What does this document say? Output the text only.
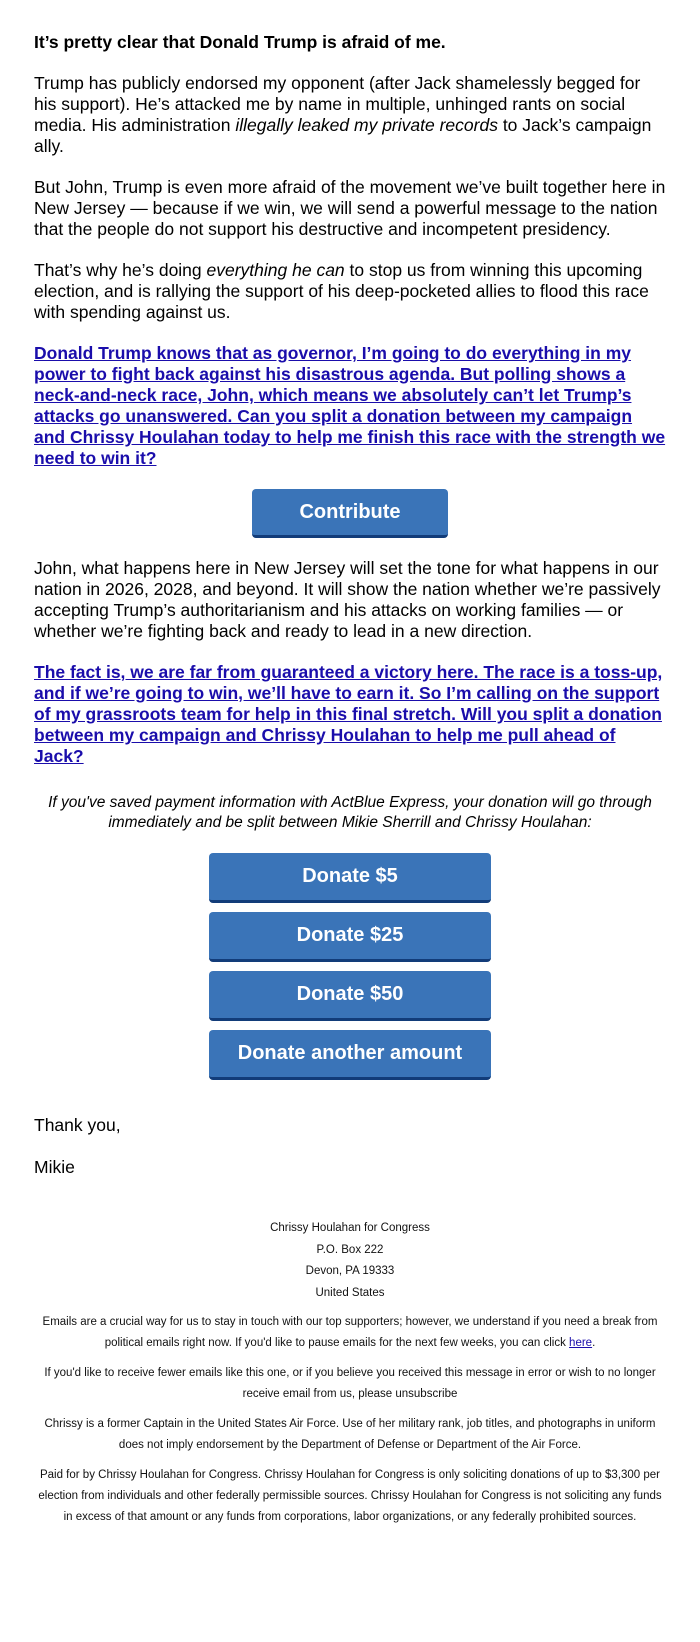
It’s pretty clear that Donald Trump is afraid of me.

Trump has publicly endorsed my opponent (after Jack shamelessly begged for his support). He’s attacked me by name in multiple, unhinged rants on social media. His administration illegally leaked my private records to Jack’s campaign ally.

But John, Trump is even more afraid of the movement we’ve built together here in New Jersey — because if we win, we will send a powerful message to the nation that the people do not support his destructive and incompetent presidency.

That’s why he’s doing everything he can to stop us from winning this upcoming election, and is rallying the support of his deep-pocketed allies to flood this race with spending against us.

Donald Trump knows that as governor, I’m going to do everything in my power to fight back against his disastrous agenda. But polling shows a neck-and-neck race, John, which means we absolutely can’t let Trump’s attacks go unanswered. Can you split a donation between my campaign and Chrissy Houlahan today to help me finish this race with the strength we need to win it?

Contribute

John, what happens here in New Jersey will set the tone for what happens in our nation in 2026, 2028, and beyond. It will show the nation whether we’re passively accepting Trump’s authoritarianism and his attacks on working families — or whether we’re fighting back and ready to lead in a new direction.

The fact is, we are far from guaranteed a victory here. The race is a toss-up, and if we’re going to win, we’ll have to earn it. So I’m calling on the support of my grassroots team for help in this final stretch. Will you split a donation between my campaign and Chrissy Houlahan to help me pull ahead of Jack?

If you've saved payment information with ActBlue Express, your donation will go through immediately and be split between Mikie Sherrill and Chrissy Houlahan:

Donate $5
Donate $25
Donate $50
Donate another amount

Thank you,

Mikie

Chrissy Houlahan for Congress
P.O. Box 222
Devon, PA 19333
United States

Emails are a crucial way for us to stay in touch with our top supporters; however, we understand if you need a break from political emails right now. If you'd like to pause emails for the next few weeks, you can click here.

If you'd like to receive fewer emails like this one, or if you believe you received this message in error or wish to no longer receive email from us, please unsubscribe

Chrissy is a former Captain in the United States Air Force. Use of her military rank, job titles, and photographs in uniform does not imply endorsement by the Department of Defense or Department of the Air Force.

Paid for by Chrissy Houlahan for Congress. Chrissy Houlahan for Congress is only soliciting donations of up to $3,300 per election from individuals and other federally permissible sources. Chrissy Houlahan for Congress is not soliciting any funds in excess of that amount or any funds from corporations, labor organizations, or any federally prohibited sources.
